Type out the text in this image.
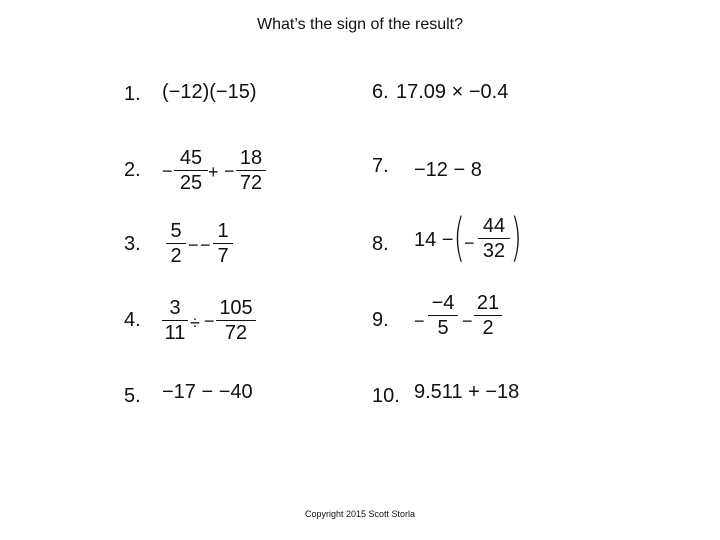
What’s the sign of the result?
1. (−12)(−15)
2. −
45
25 + −
18
72
3.
5
2 − −
1
7
4.
3
11 ÷ −
105
72
5. −17 − −40
6. 17.09 × −0.4
7. −12 − 8
8. 14 − ( −
44
32 )
9. −
−4
5 −
21
2
10. 9.511 + −18
Copyright 2015 Scott Storla
